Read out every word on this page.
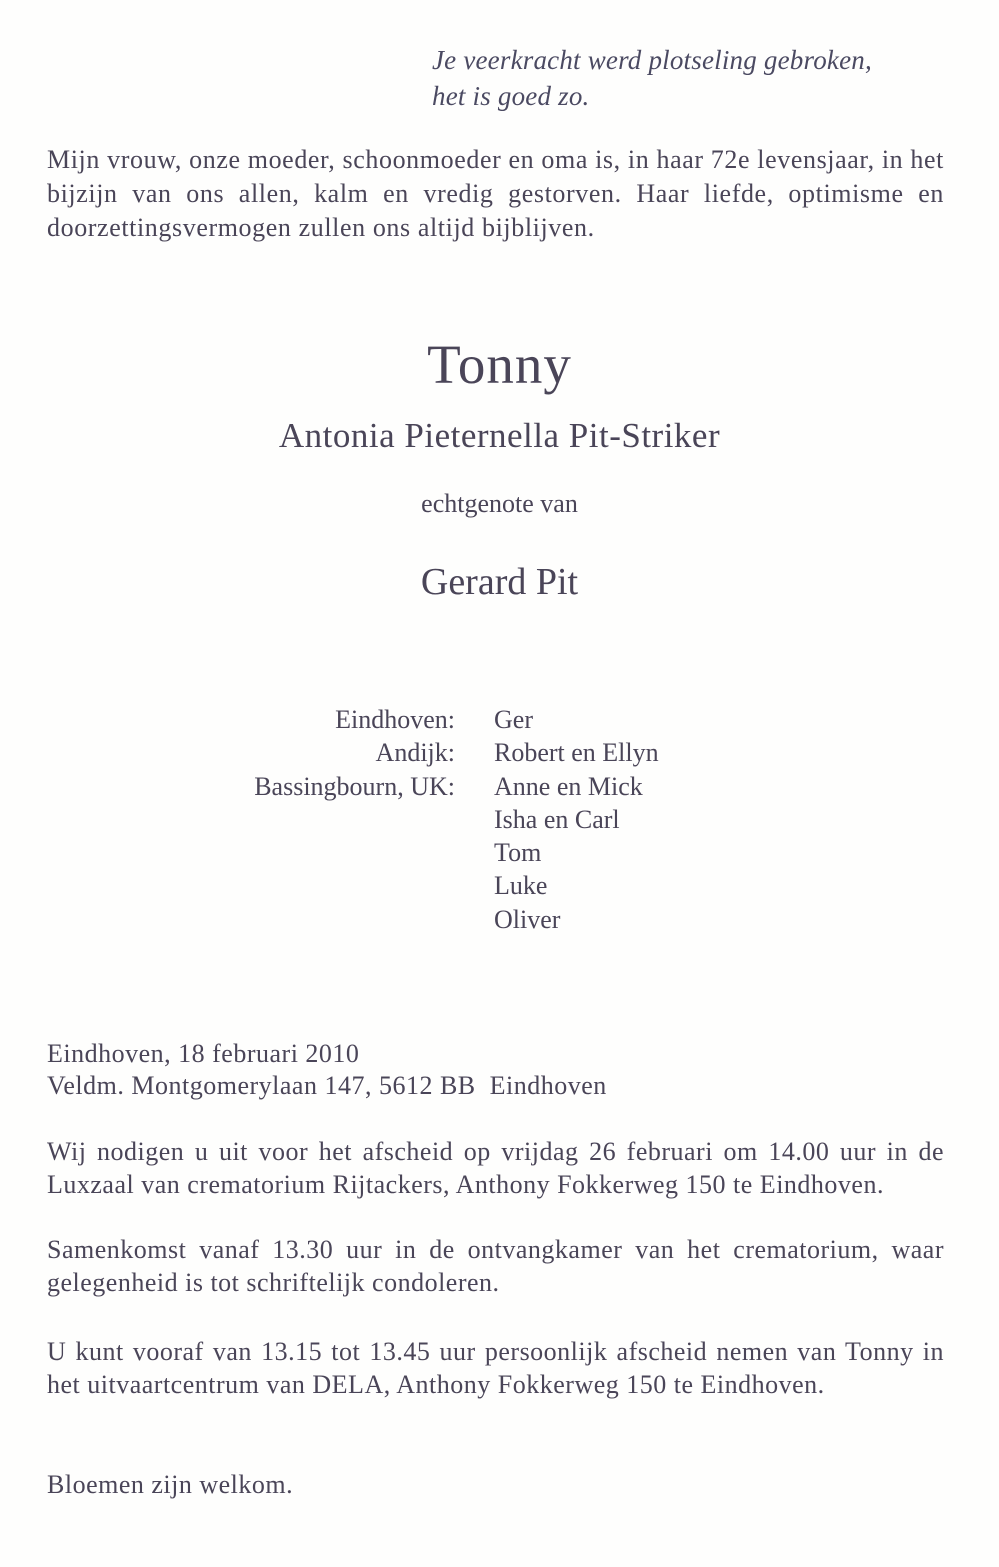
Je veerkracht werd plotseling gebroken,
het is goed zo.
Mijn vrouw, onze moeder, schoonmoeder en oma is, in haar 72e levensjaar, in het bijzijn van ons allen, kalm en vredig gestorven. Haar liefde, optimisme en doorzettingsvermogen zullen ons altijd bijblijven.
Tonny
Antonia Pieternella Pit-Striker
echtgenote van
Gerard Pit
Eindhoven:	Ger
Andijk:	Robert en Ellyn
Bassingbourn, UK:	Anne en Mick
Isha en Carl
Tom
Luke
Oliver
Eindhoven, 18 februari 2010
Veldm. Montgomerylaan 147, 5612 BB  Eindhoven
Wij nodigen u uit voor het afscheid op vrijdag 26 februari om 14.00 uur in de Luxzaal van crematorium Rijtackers, Anthony Fokkerweg 150 te Eindhoven.
Samenkomst vanaf 13.30 uur in de ontvangkamer van het crematorium, waar gelegenheid is tot schriftelijk condoleren.
U kunt vooraf van 13.15 tot 13.45 uur persoonlijk afscheid nemen van Tonny in het uitvaartcentrum van DELA, Anthony Fokkerweg 150 te Eindhoven.
Bloemen zijn welkom.
